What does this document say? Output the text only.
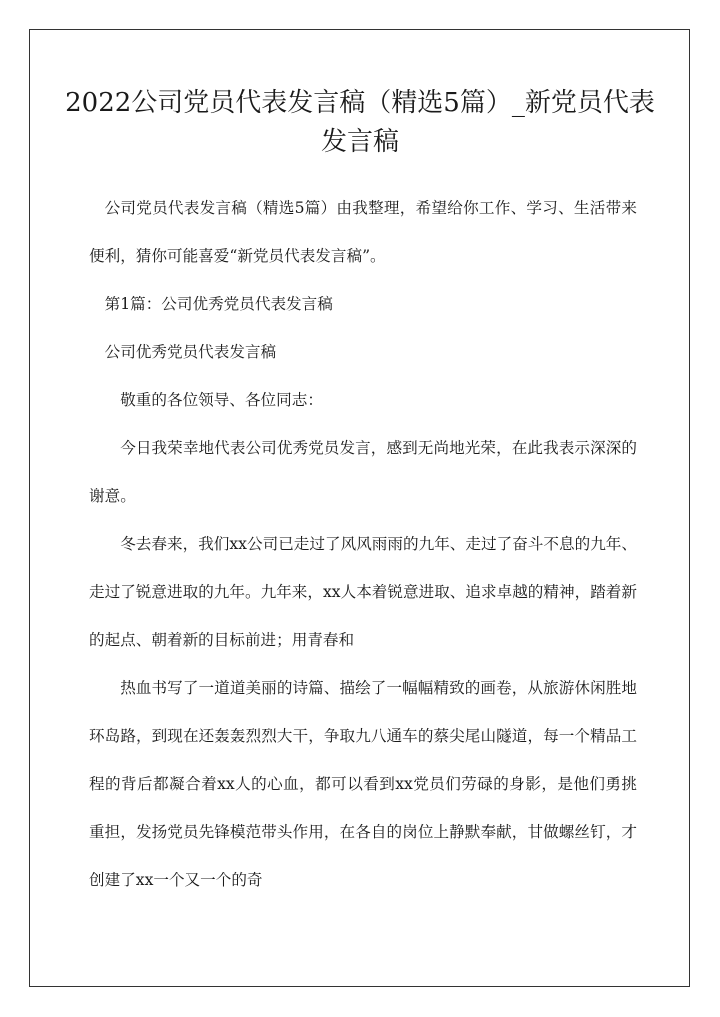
2022公司党员代表发言稿（精选5篇）_新党员代表发言稿

公司党员代表发言稿（精选5篇）由我整理，希望给你工作、学习、生活带来便利，猜你可能喜爱“新党员代表发言稿”。

第1篇：公司优秀党员代表发言稿

公司优秀党员代表发言稿

敬重的各位领导、各位同志：

今日我荣幸地代表公司优秀党员发言，感到无尚地光荣，在此我表示深深的谢意。

冬去春来，我们xx公司已走过了风风雨雨的九年、走过了奋斗不息的九年、走过了锐意进取的九年。九年来，xx人本着锐意进取、追求卓越的精神，踏着新的起点、朝着新的目标前进；用青春和

热血书写了一道道美丽的诗篇、描绘了一幅幅精致的画卷，从旅游休闲胜地环岛路，到现在还轰轰烈烈大干，争取九八通车的蔡尖尾山隧道，每一个精品工程的背后都凝合着xx人的心血，都可以看到xx党员们劳碌的身影，是他们勇挑重担，发扬党员先锋模范带头作用，在各自的岗位上静默奉献，甘做螺丝钉，才创建了xx一个又一个的奇
